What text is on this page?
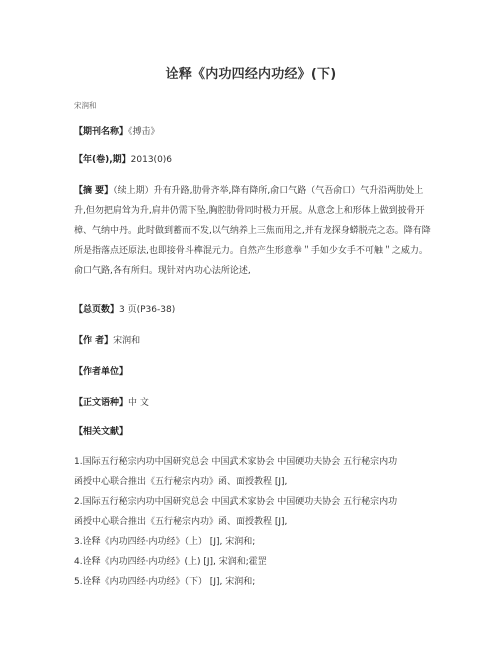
诠释《内功四经内功经》(下)
宋润和
【期刊名称】《搏击》
【年(卷),期】2013(0)6
【摘 要】（续上期）升有升路,肋骨齐举,降有降所,俞口气路（气吾俞口）气升沿两肋处上升,但勿把肩耸为升,肩井仍需下坠,胸腔肋骨同时极力开展。从意念上和形体上做到披骨开樟、气纳中丹。此时做到蓄而不发,以气纳养上三焦而用之,并有龙探身蟒脱壳之态。降有降所是指落点还原法,也即接骨斗榫混元力。自然产生形意拳＂手如少女手不可触＂之威力。俞口气路,各有所归。现针对内功心法所论述,
【总页数】3 页(P36-38)
【作 者】宋润和
【作者单位】
【正文语种】中 文
【相关文献】
1.国际五行秘宗内功中国研究总会 中国武术家协会 中国硬功夫协会 五行秘宗内功
函授中心联合推出《五行秘宗内功》函、面授教程 [J],
2.国际五行秘宗内功中国研究总会 中国武术家协会 中国硬功夫协会 五行秘宗内功
函授中心联合推出《五行秘宗内功》函、面授教程 [J],
3.诠释《内功四经·内功经》（上） [J], 宋润和;
4.诠释《内功四经·内功经》(上) [J], 宋润和;霍罡
5.诠释《内功四经·内功经》（下） [J], 宋润和;
